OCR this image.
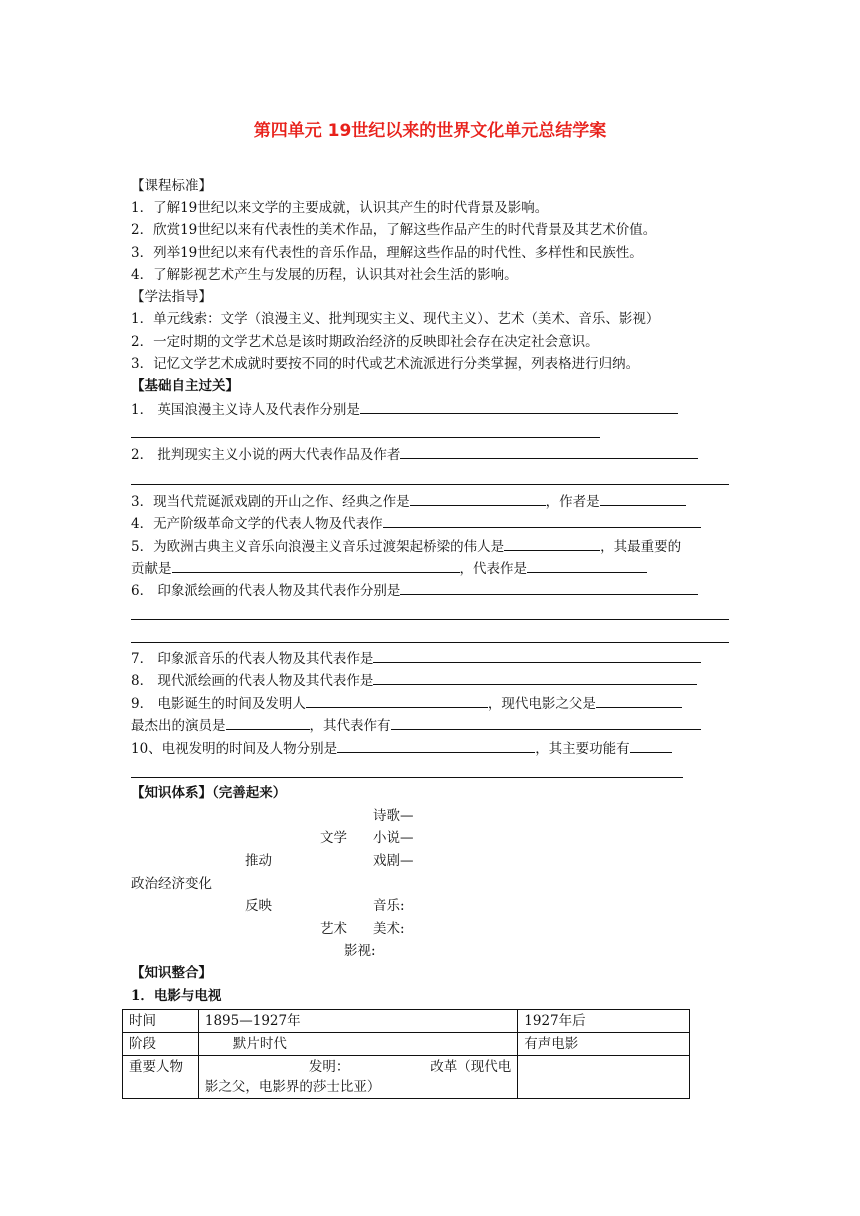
第四单元 19世纪以来的世界文化单元总结学案
【课程标准】
1．了解19世纪以来文学的主要成就，认识其产生的时代背景及影响。
2．欣赏19世纪以来有代表性的美术作品，了解这些作品产生的时代背景及其艺术价值。
3．列举19世纪以来有代表性的音乐作品，理解这些作品的时代性、多样性和民族性。
4．了解影视艺术产生与发展的历程，认识其对社会生活的影响。
【学法指导】
1．单元线索：文学（浪漫主义、批判现实主义、现代主义）、艺术（美术、音乐、影视）
2．一定时期的文学艺术总是该时期政治经济的反映即社会存在决定社会意识。
3．记忆文学艺术成就时要按不同的时代或艺术流派进行分类掌握，列表格进行归纳。
【基础自主过关】
1． 英国浪漫主义诗人及代表作分别是
2． 批判现实主义小说的两大代表作品及作者
3．现当代荒诞派戏剧的开山之作、经典之作是	，作者是
4．无产阶级革命文学的代表人物及代表作
5．为欧洲古典主义音乐向浪漫主义音乐过渡架起桥梁的伟人是	，其最重要的
贡献是	，代表作是
6． 印象派绘画的代表人物及其代表作分别是
7． 印象派音乐的代表人物及其代表作是
8． 现代派绘画的代表人物及其代表作是
9． 电影诞生的时间及发明人	，现代电影之父是
最杰出的演员是	，其代表作有
10、电视发明的时间及人物分别是	，其主要功能有
【知识体系】（完善起来）
诗歌—
文学 小说—
推动	戏剧—
政治经济变化
反映	音乐:
艺术 美术:
影视:
【知识整合】
1．电影与电视
时间	1895—1927年	1927年后
阶段	默片时代	有声电影
重要人物	发明： 改革（现代电
影之父，电影界的莎士比亚）	
